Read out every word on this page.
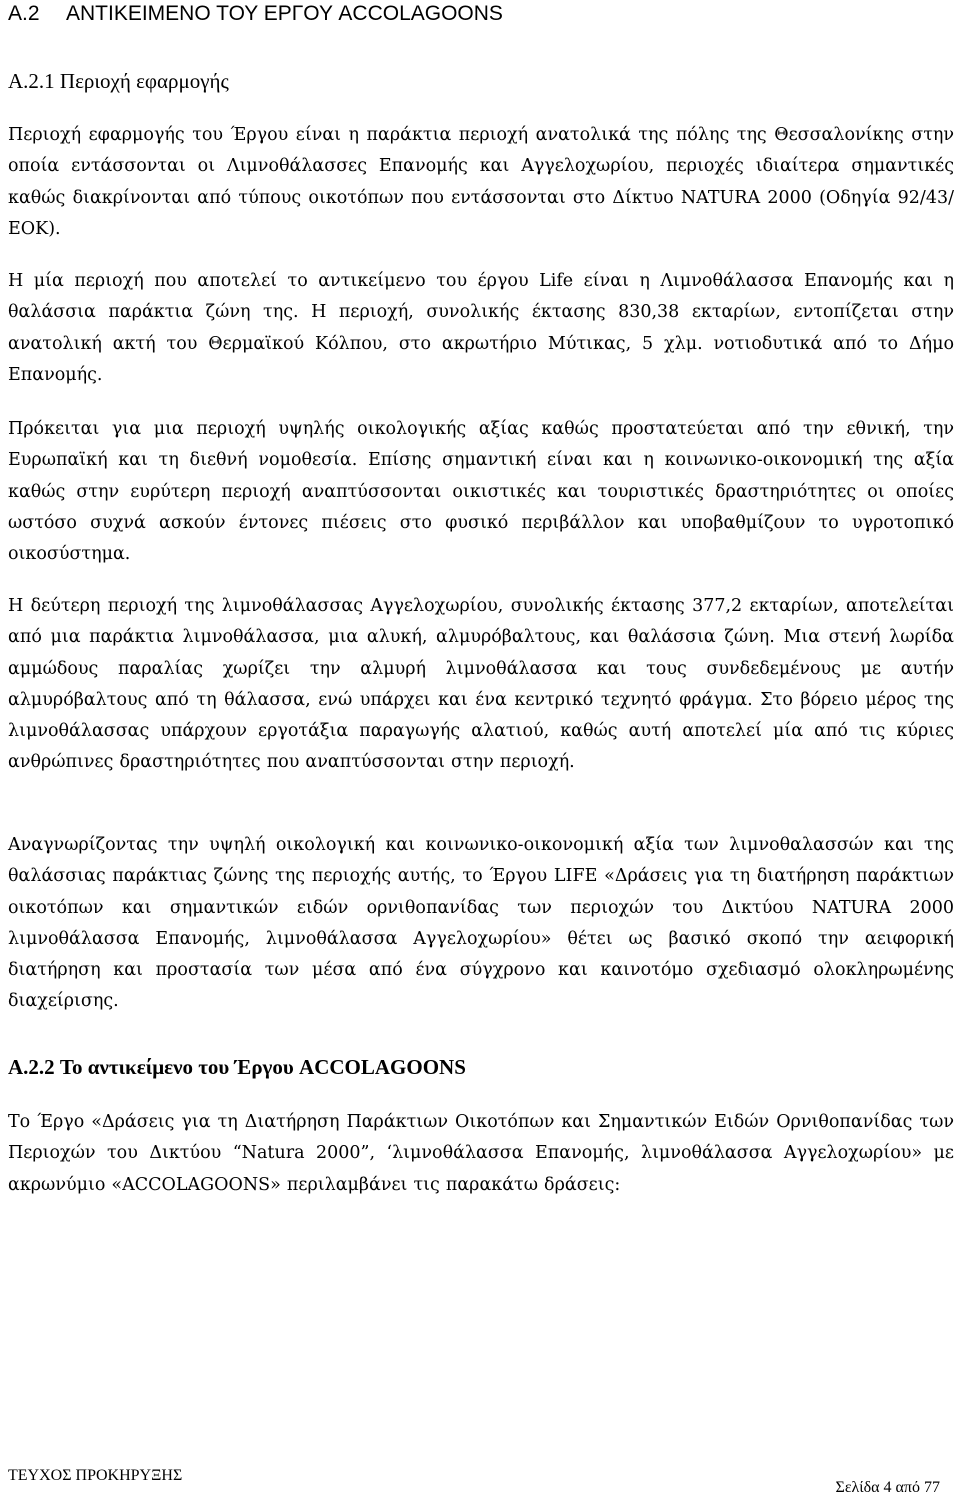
A.2 ΑΝΤΙΚΕΙΜΕΝΟ ΤΟΥ ΕΡΓΟΥ ACCOLAGOONS
A.2.1 Περιοχή εφαρμογής

Περιοχή εφαρμογής του Έργου είναι η παράκτια περιοχή ανατολικά της πόλης της Θεσσαλονίκης στην οποία εντάσσονται οι Λιμνοθάλασσες Επανομής και Αγγελοχωρίου, περιοχές ιδιαίτερα σημαντικές καθώς διακρίνονται από τύπους οικοτόπων που εντάσσονται στο Δίκτυο NATURA 2000 (Οδηγία 92/43/ΕΟΚ).

Η μία περιοχή που αποτελεί το αντικείμενο του έργου Life είναι η Λιμνοθάλασσα Επανομής και η θαλάσσια παράκτια ζώνη της. Η περιοχή, συνολικής έκτασης 830,38 εκταρίων, εντοπίζεται στην ανατολική ακτή του Θερμαϊκού Κόλπου, στο ακρωτήριο Μύτικας, 5 χλμ. νοτιοδυτικά από το Δήμο Επανομής.

Πρόκειται για μια περιοχή υψηλής οικολογικής αξίας καθώς προστατεύεται από την εθνική, την Ευρωπαϊκή και τη διεθνή νομοθεσία. Επίσης σημαντική είναι και η κοινωνικο-οικονομική της αξία καθώς στην ευρύτερη περιοχή αναπτύσσονται οικιστικές και τουριστικές δραστηριότητες οι οποίες ωστόσο συχνά ασκούν έντονες πιέσεις στο φυσικό περιβάλλον και υποβαθμίζουν το υγροτοπικό οικοσύστημα.

Η δεύτερη περιοχή της λιμνοθάλασσας Αγγελοχωρίου, συνολικής έκτασης 377,2 εκταρίων, αποτελείται από μια παράκτια λιμνοθάλασσα, μια αλυκή, αλμυρόβαλτους, και θαλάσσια ζώνη. Μια στενή λωρίδα αμμώδους παραλίας χωρίζει την αλμυρή λιμνοθάλασσα και τους συνδεδεμένους με αυτήν αλμυρόβαλτους από τη θάλασσα, ενώ υπάρχει και ένα κεντρικό τεχνητό φράγμα. Στο βόρειο μέρος της λιμνοθάλασσας υπάρχουν εργοτάξια παραγωγής αλατιού, καθώς αυτή αποτελεί μία από τις κύριες ανθρώπινες δραστηριότητες που αναπτύσσονται στην περιοχή.

Αναγνωρίζοντας την υψηλή οικολογική και κοινωνικο-οικονομική αξία των λιμνοθαλασσών και της θαλάσσιας παράκτιας ζώνης της περιοχής αυτής, το Έργου LIFE «Δράσεις για τη διατήρηση παράκτιων οικοτόπων και σημαντικών ειδών ορνιθοπανίδας των περιοχών του Δικτύου NATURA 2000 λιμνοθάλασσα Επανομής, λιμνοθάλασσα Αγγελοχωρίου» θέτει ως βασικό σκοπό την αειφορική διατήρηση και προστασία των μέσα από ένα σύγχρονο και καινοτόμο σχεδιασμό ολοκληρωμένης διαχείρισης.

A.2.2 Το αντικείμενο του Έργου ACCOLAGOONS

Το Έργο «Δράσεις για τη Διατήρηση Παράκτιων Οικοτόπων και Σημαντικών Ειδών Ορνιθοπανίδας των Περιοχών του Δικτύου “Natura 2000”, ‘λιμνοθάλασσα Επανομής, λιμνοθάλασσα Αγγελοχωρίου» με ακρωνύμιο «ACCOLAGOONS» περιλαμβάνει τις παρακάτω δράσεις:

ΤΕΥΧΟΣ ΠΡΟΚΗΡΥΞΗΣ
Σελίδα 4 από 77
